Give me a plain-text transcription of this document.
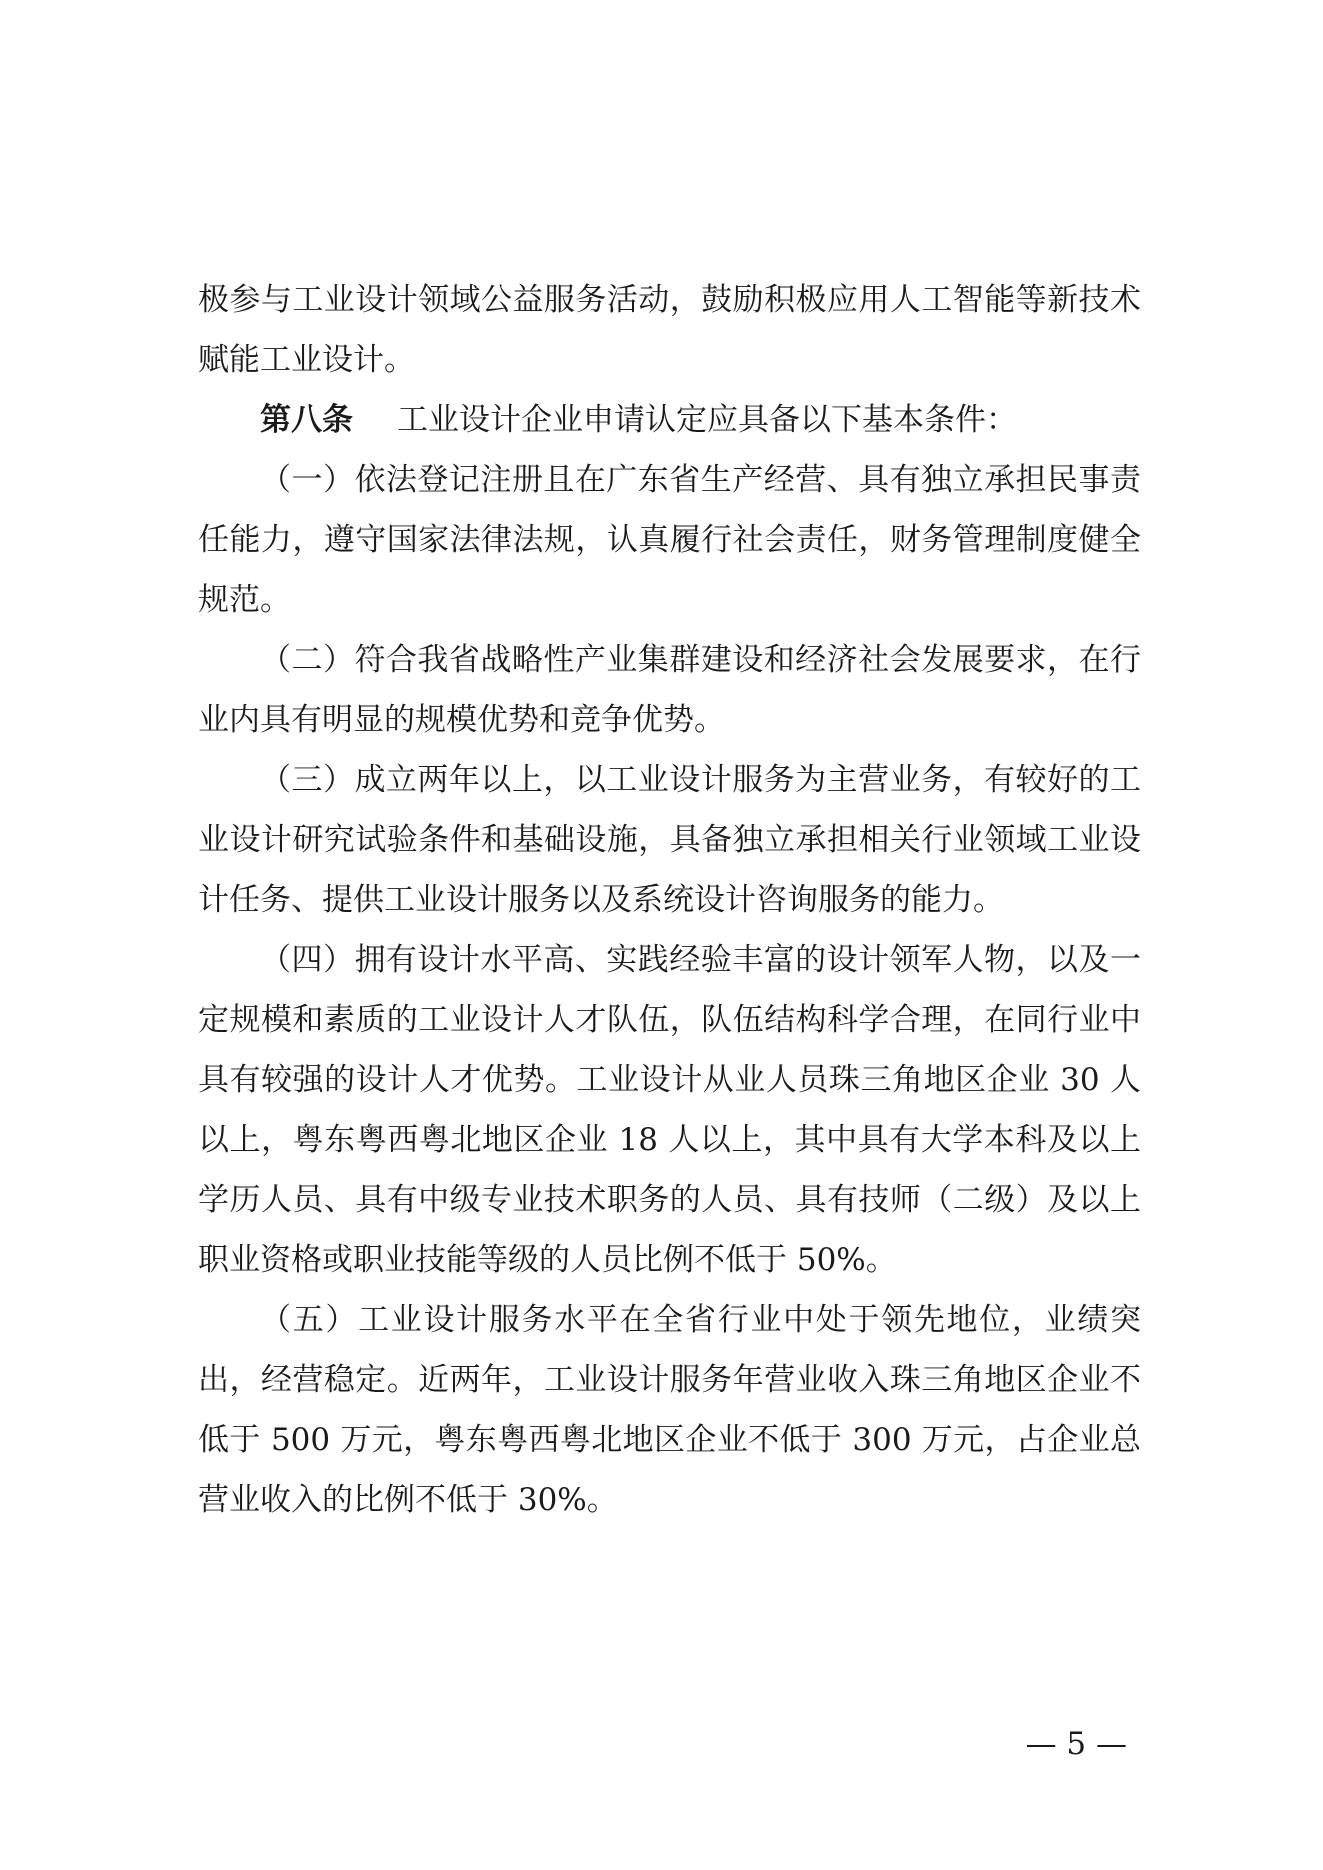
极参与工业设计领域公益服务活动，鼓励积极应用人工智能等新技术赋能工业设计。

第八条 工业设计企业申请认定应具备以下基本条件：

（一）依法登记注册且在广东省生产经营、具有独立承担民事责任能力，遵守国家法律法规，认真履行社会责任，财务管理制度健全规范。

（二）符合我省战略性产业集群建设和经济社会发展要求，在行业内具有明显的规模优势和竞争优势。

（三）成立两年以上，以工业设计服务为主营业务，有较好的工业设计研究试验条件和基础设施，具备独立承担相关行业领域工业设计任务、提供工业设计服务以及系统设计咨询服务的能力。

（四）拥有设计水平高、实践经验丰富的设计领军人物，以及一定规模和素质的工业设计人才队伍，队伍结构科学合理，在同行业中具有较强的设计人才优势。工业设计从业人员珠三角地区企业 30 人以上，粤东粤西粤北地区企业 18 人以上，其中具有大学本科及以上学历人员、具有中级专业技术职务的人员、具有技师（二级）及以上职业资格或职业技能等级的人员比例不低于 50%。

（五）工业设计服务水平在全省行业中处于领先地位，业绩突出，经营稳定。近两年，工业设计服务年营业收入珠三角地区企业不低于 500 万元，粤东粤西粤北地区企业不低于 300 万元，占企业总营业收入的比例不低于 30%。

— 5 —
